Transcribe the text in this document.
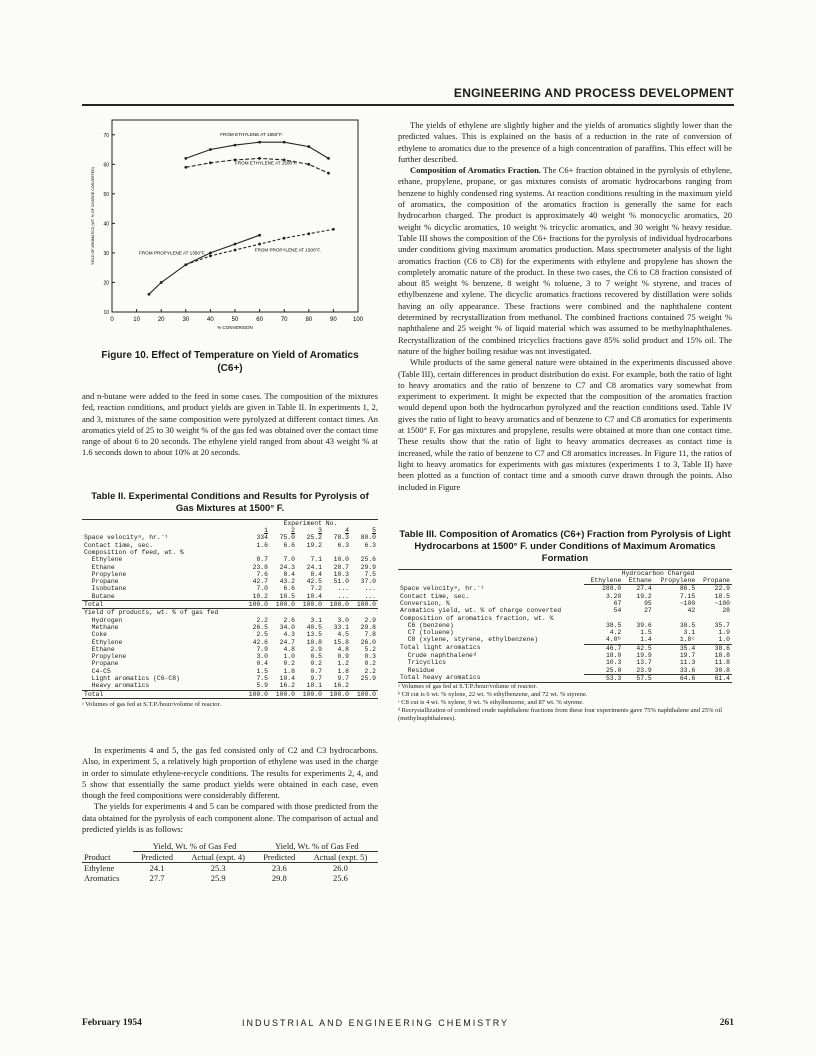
ENGINEERING AND PROCESS DEVELOPMENT
0	10	20	30	40	50	60	70	80	90	100
10
20
30
40
50
60
70
% CONVERSION
YIELD OF AROMATICS (WT. % OF CHARGE CONVERTED)
FROM ETHYLENE AT 1650°F.
FROM ETHYLENE AT 1500°F.
FROM PROPYLENE AT 1350°F.
FROM PROPYLENE AT 1500°F.
Figure 10. Effect of Temperature on Yield of Aromatics
(C6+)

and n-butane were added to the feed in some cases. The composition of the mixtures fed, reaction conditions, and product yields are given in Table II. In experiments 1, 2, and 3, mixtures of the same composition were pyrolyzed at different contact times. An aromatics yield of 25 to 30 weight % of the gas fed was obtained over the contact time range of about 6 to 20 seconds. The ethylene yield ranged from about 43 weight % at 1.6 seconds down to about 10% at 20 seconds.

Table II. Experimental Conditions and Results for Pyrolysis of Gas Mixtures at 1500° F.
	Experiment No.				
	1	2	3	4	5
Space velocityᵃ, hr.⁻¹	334	75.0	25.2	78.3	80.0
Contact time, sec.	1.6	6.6	19.2	6.3	6.3
Composition of feed, wt. %					
Ethylene	8.7	7.0	7.1	10.0	25.6
Ethane	23.8	24.3	24.1	28.7	29.9
Propylene	7.6	8.4	8.4	10.3	7.5
Propane	42.7	43.2	42.5	51.0	37.0
Isobutane	7.0	6.6	7.2	...	...
Butane	10.2	10.5	10.4	...	...
Total	100.0	100.0	100.0	100.0	100.0
Yield of products, wt. % of gas fed					
Hydrogen	2.2	2.6	3.1	3.0	2.9
Methane	26.5	34.0	40.5	33.1	29.8
Coke	2.5	4.3	13.5	4.5	7.8
Ethylene	42.6	24.7	10.8	15.8	26.0
Ethane	7.9	4.8	2.9	4.8	5.2
Propylene	3.0	1.0	0.5	0.9	0.3
Propane	0.4	0.2	0.2	1.2	0.2
C4-C5	1.5	1.8	0.7	1.8	2.2
Light aromatics (C6-C8)	7.5	10.4	9.7	9.7	25.9
Heavy aromatics	5.9	16.2	18.1	16.2	
Total	100.0	100.0	100.0	100.0	100.0
ᵃ Volumes of gas fed at S.T.P./hour/volume of reactor.

In experiments 4 and 5, the gas fed consisted only of C2 and C3 hydrocarbons. Also, in experiment 5, a relatively high proportion of ethylene was used in the charge in order to simulate ethylene-recycle conditions. The results for experiments 2, 4, and 5 show that essentially the same product yields were obtained in each case, even though the feed compositions were considerably different.

The yields for experiments 4 and 5 can be compared with those predicted from the data obtained for the pyrolysis of each component alone. The comparison of actual and predicted yields is as follows:

	Yield, Wt. % of Gas Fed		Yield, Wt. % of Gas Fed	
Product	Predicted	Actual (expt. 4)	Predicted	Actual (expt. 5)
Ethylene	24.1	25.3	23.6	26.0
Aromatics	27.7	25.9	29.8	25.6

The yields of ethylene are slightly higher and the yields of aromatics slightly lower than the predicted values. This is explained on the basis of a reduction in the rate of conversion of ethylene to aromatics due to the presence of a high concentration of paraffins. This effect will be further described.

Composition of Aromatics Fraction. The C6+ fraction obtained in the pyrolysis of ethylene, ethane, propylene, propane, or gas mixtures consists of aromatic hydrocarbons ranging from benzene to highly condensed ring systems. At reaction conditions resulting in the maximum yield of aromatics, the composition of the aromatics fraction is generally the same for each hydrocarbon charged. The product is approximately 40 weight % monocyclic aromatics, 20 weight % dicyclic aromatics, 10 weight % tricyclic aromatics, and 30 weight % heavy residue. Table III shows the composition of the C6+ fractions for the pyrolysis of individual hydrocarbons under conditions giving maximum aromatics production. Mass spectrometer analysis of the light aromatics fraction (C6 to C8) for the experiments with ethylene and propylene has shown the completely aromatic nature of the product. In these two cases, the C6 to C8 fraction consisted of about 85 weight % benzene, 8 weight % toluene, 3 to 7 weight % styrene, and traces of ethylbenzene and xylene. The dicyclic aromatics fractions recovered by distillation were solids having an oily appearance. These fractions were combined and the naphthalene content determined by recrystallization from methanol. The combined fractions contained 75 weight % naphthalene and 25 weight % of liquid material which was assumed to be methylnaphthalenes. Recrystallization of the combined tricyclics fractions gave 85% solid product and 15% oil. The nature of the higher boiling residue was not investigated.

While products of the same general nature were obtained in the experiments discussed above (Table III), certain differences in product distribution do exist. For example, both the ratio of light to heavy aromatics and the ratio of benzene to C7 and C8 aromatics vary somewhat from experiment to experiment. It might be expected that the composition of the aromatics fraction would depend upon both the hydrocarbon pyrolyzed and the reaction conditions used. Table IV gives the ratio of light to heavy aromatics and of benzene to C7 and C8 aromatics for experiments at 1500° F. For gas mixtures and propylene, results were obtained at more than one contact time. These results show that the ratio of light to heavy aromatics decreases as contact time is increased, while the ratio of benzene to C7 and C8 aromatics increases. In Figure 11, the ratios of light to heavy aromatics for experiments with gas mixtures (experiments 1 to 3, Table II) have been plotted as a function of contact time and a smooth curve drawn through the points. Also included in Figure

Table III. Composition of Aromatics (C6+) Fraction from Pyrolysis of Light Hydrocarbons at 1500° F. under Conditions of Maximum Aromatics Formation
	Hydrocarbon Charged			
	Ethylene	Ethane	Propylene	Propane
Space velocityᵃ, hr.⁻¹	288.0	27.4	86.5	22.9
Contact time, sec.	3.20	19.2	7.15	18.5
Conversion, %	67	95	~100	~100
Aromatics yield, wt. % of charge converted	54	27	42	28
Composition of aromatics fraction, wt. %				
C6 (benzene)	38.5	39.6	30.5	35.7
C7 (toluene)	4.2	1.5	3.1	1.9
C8 (xylene, styrene, ethylbenzene)	4.0ᵇ	1.4	1.8ᶜ	1.0
Total light aromatics	46.7	42.5	35.4	38.6
Crude naphthaleneᵈ	18.0	19.9	19.7	18.8
Tricyclics	10.3	13.7	11.3	11.8
Residue	25.0	23.9	33.6	30.8
Total heavy aromatics	53.3	57.5	64.6	61.4
ᵃ Volumes of gas fed at S.T.P./hour/volume of reactor.
ᵇ C8 cut is 6 wt. % xylene, 22 wt. % ethylbenzene, and 72 wt. % styrene.
ᶜ C8 cut is 4 wt. % xylene, 9 wt. % ethylbenzene, and 87 wt. % styrene.
ᵈ Recrystallization of combined crude naphthalene fractions from these four experiments gave 75% naphthalene and 25% oil (methylnaphthalenes).
February 1954	INDUSTRIAL AND ENGINEERING CHEMISTRY	261
